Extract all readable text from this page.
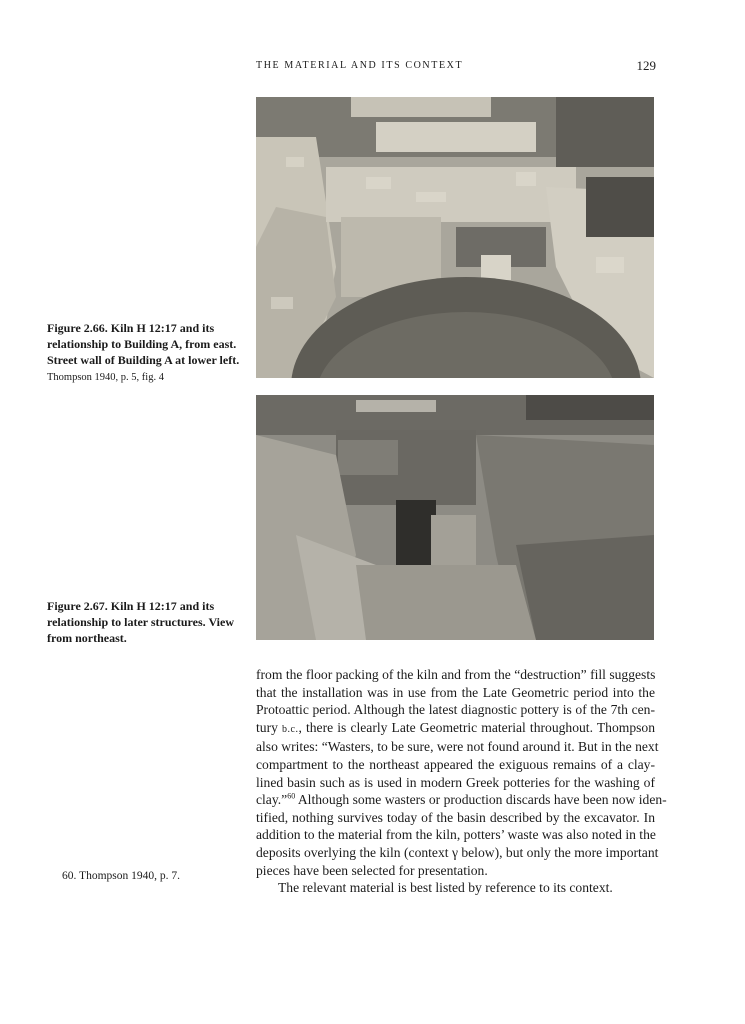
THE MATERIAL AND ITS CONTEXT	129
Figure 2.66. Kiln H 12:17 and its relationship to Building A, from east. Street wall of Building A at lower left. Thompson 1940, p. 5, fig. 4
Figure 2.67. Kiln H 12:17 and its relationship to later structures. View from northeast.
from the floor packing of the kiln and from the “destruction” fill suggests
that the installation was in use from the Late Geometric period into the
Protoattic period. Although the latest diagnostic pottery is of the 7th cen-
tury b.c., there is clearly Late Geometric material throughout. Thompson
also writes: “Wasters, to be sure, were not found around it. But in the next
compartment to the northeast appeared the exiguous remains of a clay-
lined basin such as is used in modern Greek potteries for the washing of
clay.”$^{60}$ Although some wasters or production discards have been now iden-
tified, nothing survives today of the basin described by the excavator. In
addition to the material from the kiln, potters’ waste was also noted in the
deposits overlying the kiln (context γ below), but only the more important
pieces have been selected for presentation.
The relevant material is best listed by reference to its context.
60. Thompson 1940, p. 7.
